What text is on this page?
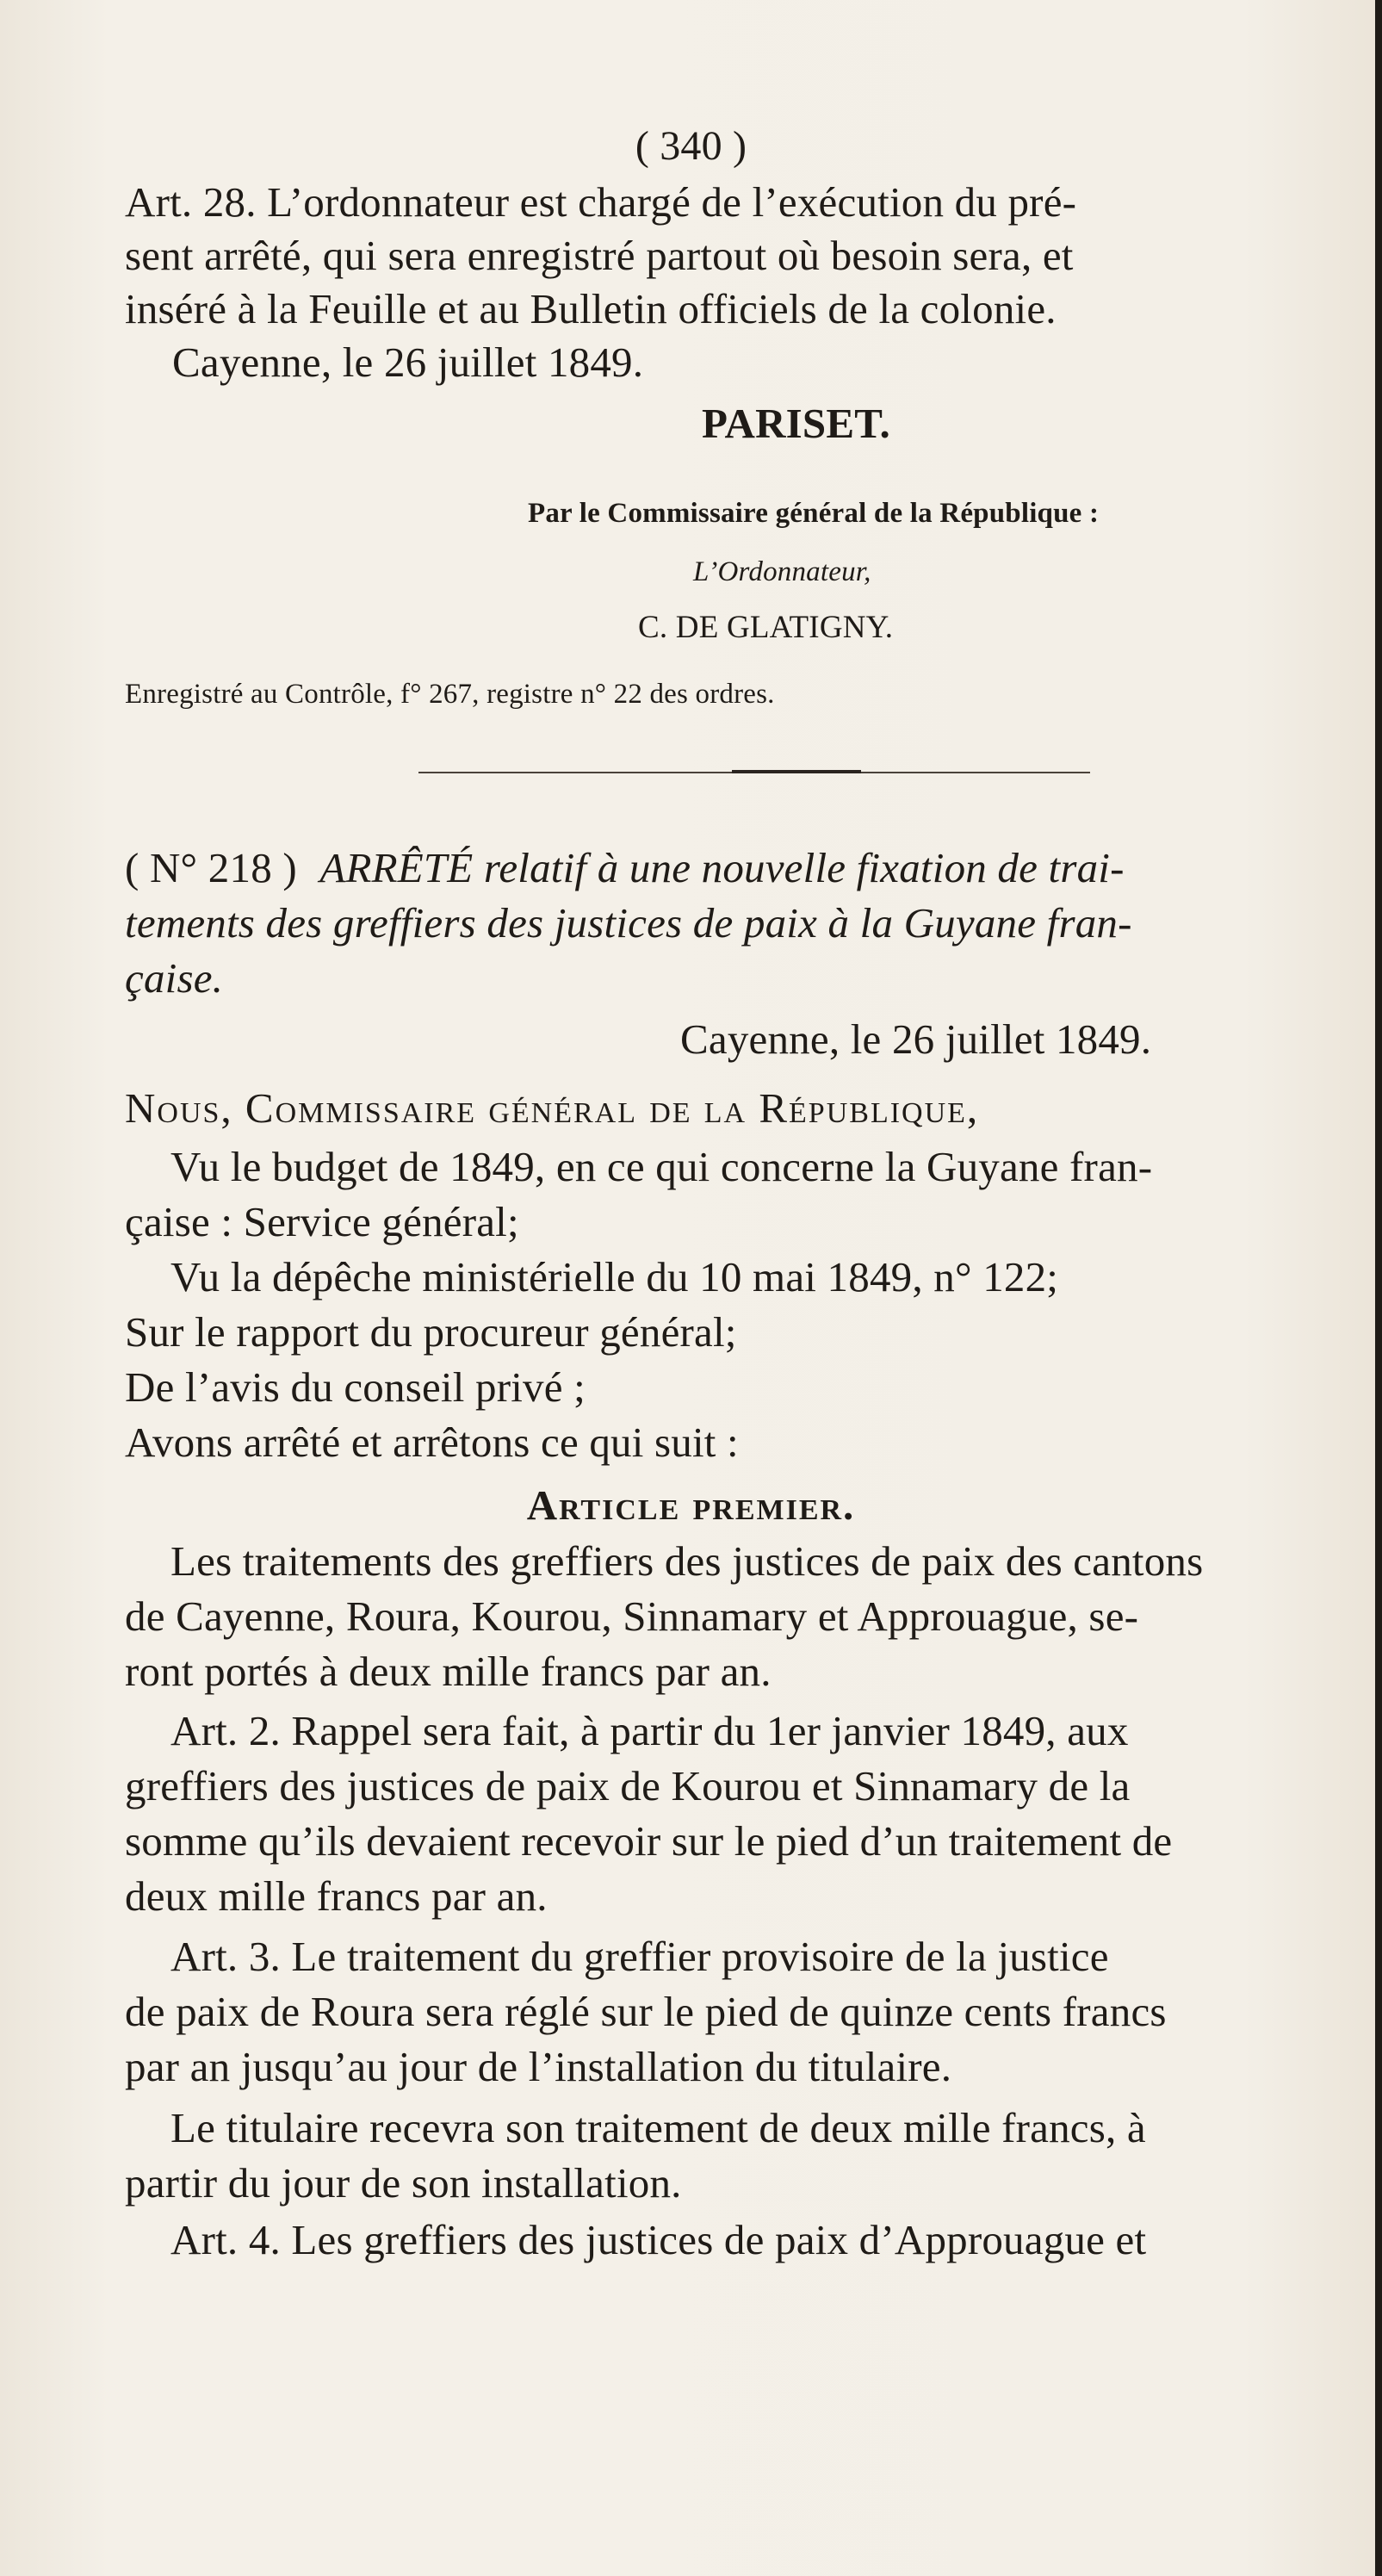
( 340 )
Art. 28. L’ordonnateur est chargé de l’exécution du pré-
sent arrêté, qui sera enregistré partout où besoin sera, et
inséré à la Feuille et au Bulletin officiels de la colonie.
Cayenne, le 26 juillet 1849.
PARISET.
Par le Commissaire général de la République :
L’Ordonnateur,
C. DE GLATIGNY.
Enregistré au Contrôle, f° 267, registre n° 22 des ordres.
( N° 218 ) ARRÊTÉ relatif à une nouvelle fixation de trai-
tements des greffiers des justices de paix à la Guyane fran-
çaise.
Cayenne, le 26 juillet 1849.
Nous, Commissaire général de la République,
Vu le budget de 1849, en ce qui concerne la Guyane fran-
çaise : Service général;
Vu la dépêche ministérielle du 10 mai 1849, n° 122;
Sur le rapport du procureur général;
De l’avis du conseil privé ;
Avons arrêté et arrêtons ce qui suit :
Article premier.
Les traitements des greffiers des justices de paix des cantons
de Cayenne, Roura, Kourou, Sinnamary et Approuague, se-
ront portés à deux mille francs par an.
Art. 2. Rappel sera fait, à partir du 1er janvier 1849, aux
greffiers des justices de paix de Kourou et Sinnamary de la
somme qu’ils devaient recevoir sur le pied d’un traitement de
deux mille francs par an.
Art. 3. Le traitement du greffier provisoire de la justice
de paix de Roura sera réglé sur le pied de quinze cents francs
par an jusqu’au jour de l’installation du titulaire.
Le titulaire recevra son traitement de deux mille francs, à
partir du jour de son installation.
Art. 4. Les greffiers des justices de paix d’Approuague et
